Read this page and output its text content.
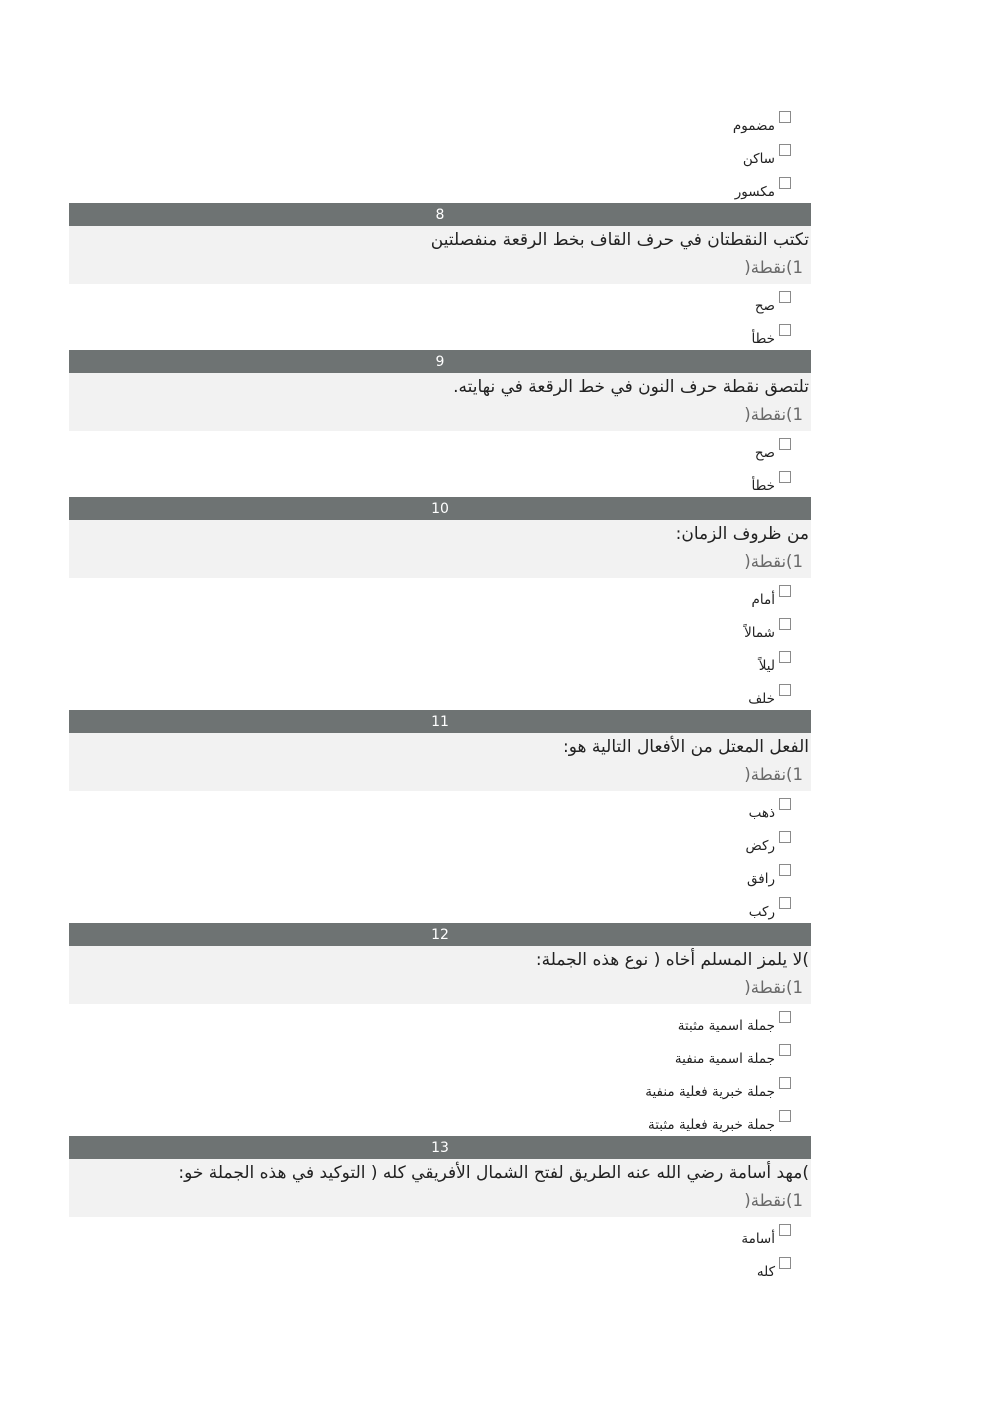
مضموم
ساكن
مكسور
8
تكتب النقطتان في حرف القاف بخط الرقعة منفصلتين
1)نقطة(
صح
خطأ
9
تلتصق نقطة حرف النون في خط الرقعة في نهايته.
1)نقطة(
صح
خطأ
10
من ظروف الزمان:
1)نقطة(
أمام
شمالاً
ليلاً
خلف
11
الفعل المعتل من الأفعال التالية هو:
1)نقطة(
ذهب
ركض
رافق
ركب
12
)لا يلمز المسلم أخاه ( نوع هذه الجملة:
1)نقطة(
جملة اسمية مثبتة
جملة اسمية منفية
جملة خبرية فعلية منفية
جملة خبرية فعلية مثبتة
13
)مهد أسامة رضي الله عنه الطريق لفتح الشمال الأفريقي كله ( التوكيد في هذه الجملة خو:
1)نقطة(
أسامة
كله
